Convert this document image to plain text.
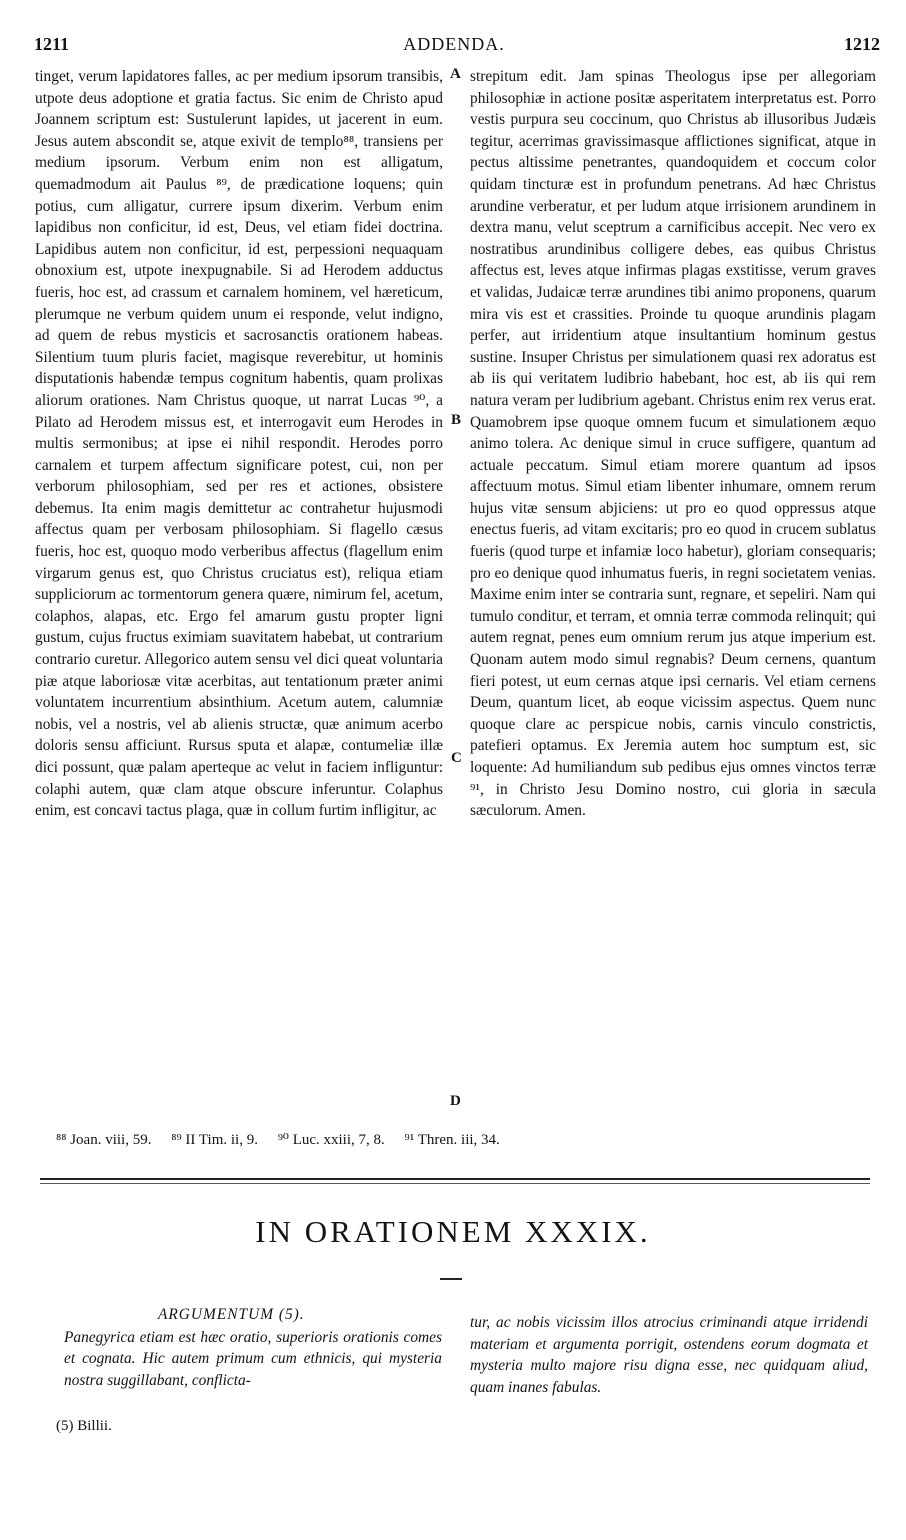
1211	ADDENDA.	1212

tinget, verum lapidatores falles, ac per medium ipsorum transibis, utpote deus adoptione et gratia factus. Sic enim de Christo apud Joannem scriptum est: Sustulerunt lapides, ut jacerent in eum. Jesus autem abscondit se, atque exivit de templo⁸⁸, transiens per medium ipsorum. Verbum enim non est alligatum, quemadmodum ait Paulus ⁸⁹, de prædicatione loquens; quin potius, cum alligatur, currere ipsum dixerim. Verbum enim lapidibus non conficitur, id est, Deus, vel etiam fidei doctrina. Lapidibus autem non conficitur, id est, perpessioni nequaquam obnoxium est, utpote inexpugnabile. Si ad Herodem adductus fueris, hoc est, ad crassum et carnalem hominem, vel hæreticum, plerumque ne verbum quidem unum ei responde, velut indigno, ad quem de rebus mysticis et sacrosanctis orationem habeas. Silentium tuum pluris faciet, magisque reverebitur, ut hominis disputationis habendæ tempus cognitum habentis, quam prolixas aliorum orationes. Nam Christus quoque, ut narrat Lucas ⁹⁰, a Pilato ad Herodem missus est, et interrogavit eum Herodes in multis sermonibus; at ipse ei nihil respondit. Herodes porro carnalem et turpem affectum significare potest, cui, non per verborum philosophiam, sed per res et actiones, obsistere debemus. Ita enim magis demittetur ac contrahetur hujusmodi affectus quam per verbosam philosophiam. Si flagello cæsus fueris, hoc est, quoquo modo verberibus affectus (flagellum enim virgarum genus est, quo Christus cruciatus est), reliqua etiam suppliciorum ac tormentorum genera quære, nimirum fel, acetum, colaphos, alapas, etc. Ergo fel amarum gustu propter ligni gustum, cujus fructus eximiam suavitatem habebat, ut contrarium contrario curetur. Allegorico autem sensu vel dici queat voluntaria piæ atque laboriosæ vitæ acerbitas, aut tentationum præter animi voluntatem incurrentium absinthium. Acetum autem, calumniæ nobis, vel a nostris, vel ab alienis structæ, quæ animum acerbo doloris sensu afficiunt. Rursus sputa et alapæ, contumeliæ illæ dici possunt, quæ palam aperteque ac velut in faciem infliguntur: colaphi autem, quæ clam atque obscure inferuntur. Colaphus enim, est concavi tactus plaga, quæ in collum furtim infligitur, ac

A
B
C
D

strepitum edit. Jam spinas Theologus ipse per allegoriam philosophiæ in actione positæ asperitatem interpretatus est. Porro vestis purpura seu coccinum, quo Christus ab illusoribus Judæis tegitur, acerrimas gravissimasque afflictiones significat, atque in pectus altissime penetrantes, quandoquidem et coccum color quidam tincturæ est in profundum penetrans. Ad hæc Christus arundine verberatur, et per ludum atque irrisionem arundinem in dextra manu, velut sceptrum a carnificibus accepit. Nec vero ex nostratibus arundinibus colligere debes, eas quibus Christus affectus est, leves atque infirmas plagas exstitisse, verum graves et validas, Judaicæ terræ arundines tibi animo proponens, quarum mira vis est et crassities. Proinde tu quoque arundinis plagam perfer, aut irridentium atque insultantium hominum gestus sustine. Insuper Christus per simulationem quasi rex adoratus est ab iis qui veritatem ludibrio habebant, hoc est, ab iis qui rem natura veram per ludibrium agebant. Christus enim rex verus erat. Quamobrem ipse quoque omnem fucum et simulationem æquo animo tolera. Ac denique simul in cruce suffigere, quantum ad actuale peccatum. Simul etiam morere quantum ad ipsos affectuum motus. Simul etiam libenter inhumare, omnem rerum hujus vitæ sensum abjiciens: ut pro eo quod oppressus atque enectus fueris, ad vitam excitaris; pro eo quod in crucem sublatus fueris (quod turpe et infamiæ loco habetur), gloriam consequaris; pro eo denique quod inhumatus fueris, in regni societatem venias. Maxime enim inter se contraria sunt, regnare, et sepeliri. Nam qui tumulo conditur, et terram, et omnia terræ commoda relinquit; qui autem regnat, penes eum omnium rerum jus atque imperium est. Quonam autem modo simul regnabis? Deum cernens, quantum fieri potest, ut eum cernas atque ipsi cernaris. Vel etiam cernens Deum, quantum licet, ab eoque vicissim aspectus. Quem nunc quoque clare ac perspicue nobis, carnis vinculo constrictis, patefieri optamus. Ex Jeremia autem hoc sumptum est, sic loquente: Ad humiliandum sub pedibus ejus omnes vinctos terræ ⁹¹, in Christo Jesu Domino nostro, cui gloria in sæcula sæculorum. Amen.

⁸⁸ Joan. viii, 59. ⁸⁹ II Tim. ii, 9. ⁹⁰ Luc. xxiii, 7, 8. ⁹¹ Thren. iii, 34.
IN ORATIONEM XXXIX.

ARGUMENTUM (5).

Panegyrica etiam est hæc oratio, superioris orationis comes et cognata. Hic autem primum cum ethnicis, qui mysteria nostra suggillabant, conflicta-

tur, ac nobis vicissim illos atrocius criminandi atque irridendi materiam et argumenta porrigit, ostendens eorum dogmata et mysteria multo majore risu digna esse, nec quidquam aliud, quam inanes fabulas.

(5) Billii.
